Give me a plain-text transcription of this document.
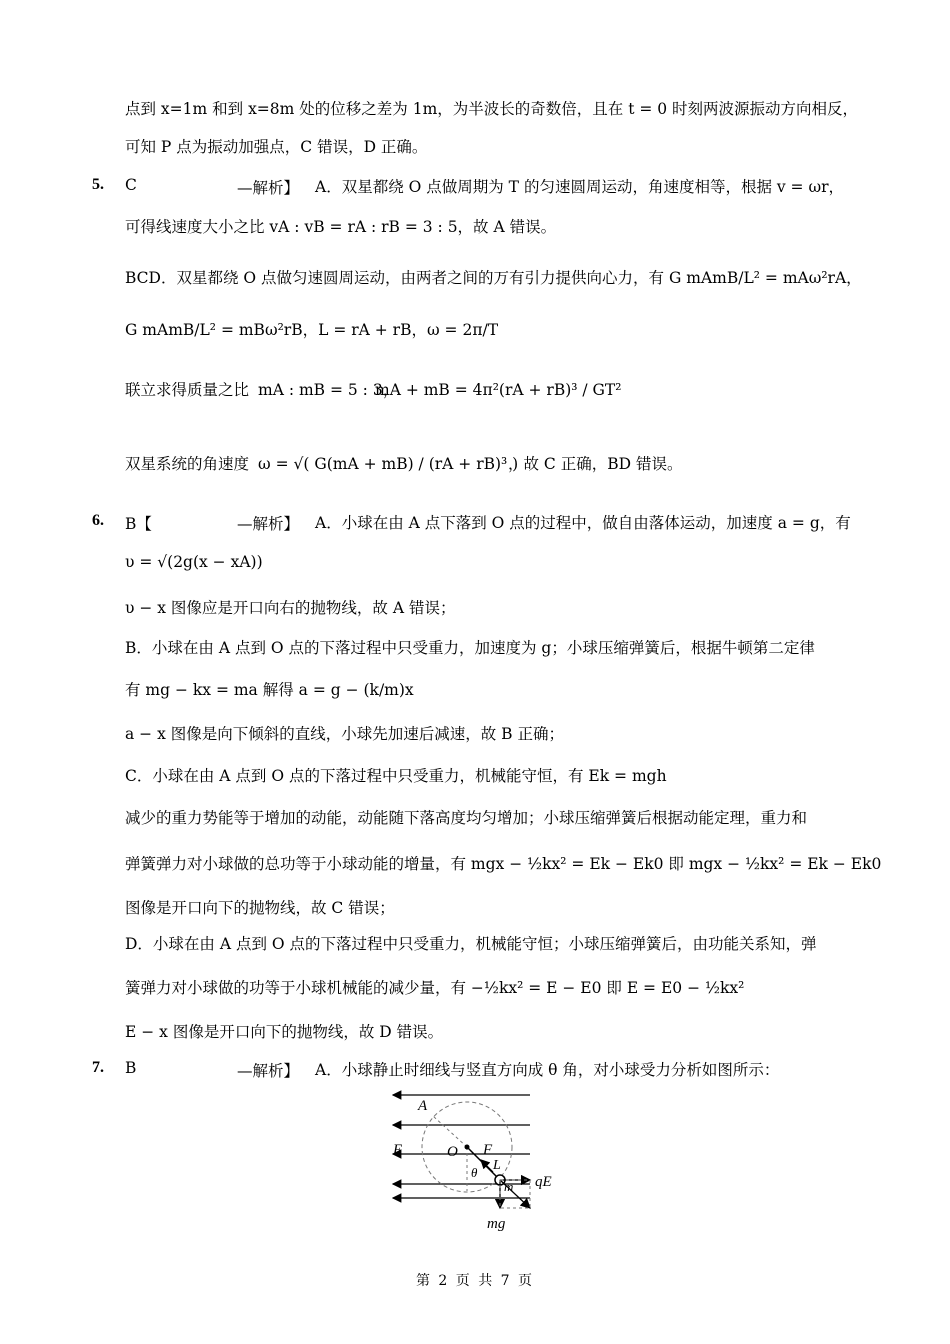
点到 x=1m 和到 x=8m 处的位移之差为 1m，为半波长的奇数倍，且在 t = 0 时刻两波源振动方向相反，
可知 P 点为振动加强点，C 错误，D 正确。
5. C	—解析】 A．双星都绕 O 点做周期为 T 的匀速圆周运动，角速度相等，根据 v = ωr，
可得线速度大小之比 vA : vB = rA : rB = 3 : 5，故 A 错误。
BCD．双星都绕 O 点做匀速圆周运动，由两者之间的万有引力提供向心力，有 G mAmB/L² = mAω²rA，
G mAmB/L² = mBω²rB，L = rA + rB，ω = 2π/T
联立求得质量之比 mA : mB = 5 : 3，
mA + mB = 4π²(rA + rB)³ / GT²
双星系统的角速度 ω = √( G(mA + mB) / (rA + rB)³ )
，故 C 正确，BD 错误。
6. B【	—解析】 A．小球在由 A 点下落到 O 点的过程中，做自由落体运动，加速度 a = g，有
υ = √(2g(x − xA))
υ − x 图像应是开口向右的抛物线，故 A 错误；
B．小球在由 A 点到 O 点的下落过程中只受重力，加速度为 g；小球压缩弹簧后，根据牛顿第二定律
有 mg − kx = ma 解得 a = g − (k/m)x
a − x 图像是向下倾斜的直线，小球先加速后减速，故 B 正确；
C．小球在由 A 点到 O 点的下落过程中只受重力，机械能守恒，有 Ek = mgh
减少的重力势能等于增加的动能，动能随下落高度均匀增加；小球压缩弹簧后根据动能定理，重力和
弹簧弹力对小球做的总功等于小球动能的增量，有 mgx − ½kx² = Ek − Ek0 即 mgx − ½kx² = Ek − Ek0
图像是开口向下的抛物线，故 C 错误；
D．小球在由 A 点到 O 点的下落过程中只受重力，机械能守恒；小球压缩弹簧后，由功能关系知，弹
簧弹力对小球做的功等于小球机械能的减少量，有 −½kx² = E − E0 即 E = E0 − ½kx²
E − x 图像是开口向下的抛物线，故 D 错误。
7. B	—解析】 A．小球静止时细线与竖直方向成 θ 角，对小球受力分析如图所示：
A
O F
E
θ L
m qE
mg
第 2 页 共 7 页
